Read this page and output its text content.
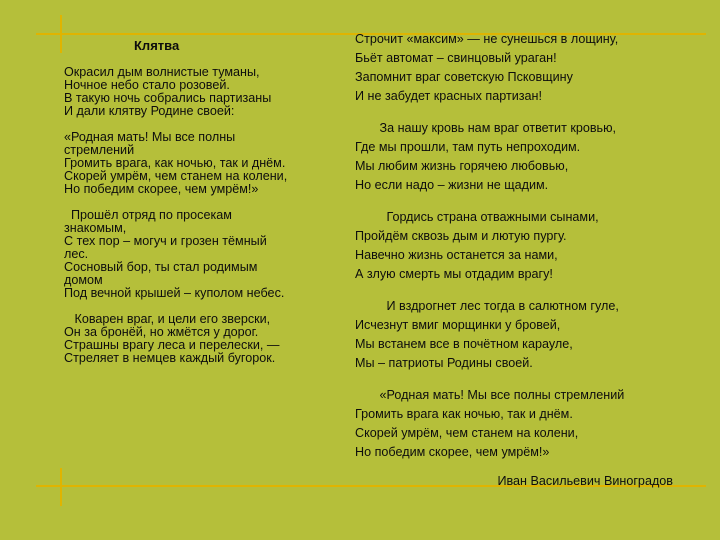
Клятва
Окрасил дым волнистые туманы,
Ночное небо стало розовей.
В такую ночь собрались партизаны
И дали клятву Родине своей:
«Родная мать! Мы все полны
стремлений
Громить врага, как ночью, так и днём.
Скорей умрём, чем станем на колени,
Но победим скорее, чем умрём!»
Прошёл отряд по просекам
знакомым,
С тех пор – могуч и грозен тёмный
лес.
Сосновый бор, ты стал родимым
домом
Под вечной крышей – куполом небес.
Коварен враг, и цели его зверски,
Он за бронёй, но жмётся у дорог.
Страшны врагу леса и перелески, —
Стреляет в немцев каждый бугорок.
Строчит «максим» — не сунешься в лощину,
Бьёт автомат – свинцовый ураган!
Запомнит враг советскую Псковщину
И не забудет красных партизан!
За нашу кровь нам враг ответит кровью,
Где мы прошли, там путь непроходим.
Мы любим жизнь горячею любовью,
Но если надо – жизни не щадим.
Гордись страна отважными сынами,
Пройдём сквозь дым и лютую пургу.
Навечно жизнь останется за нами,
А злую смерть мы отдадим врагу!
И вздрогнет лес тогда в салютном гуле,
Исчезнут вмиг морщинки у бровей,
Мы встанем все в почётном карауле,
Мы – патриоты Родины своей.
«Родная мать! Мы все полны стремлений
Громить врага как ночью, так и днём.
Скорей умрём, чем станем на колени,
Но победим скорее, чем умрём!»
Иван Васильевич Виноградов
